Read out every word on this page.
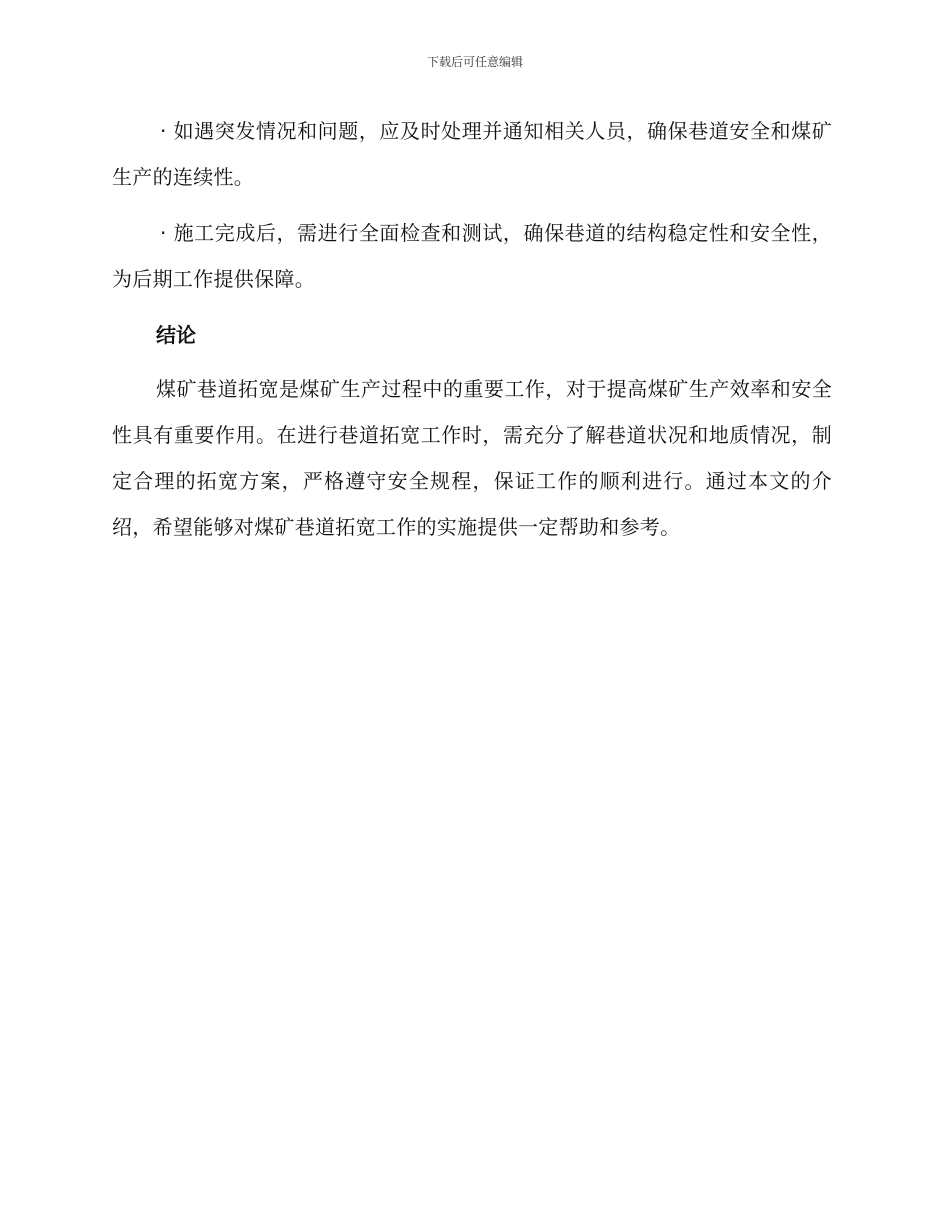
下载后可任意编辑

· 如遇突发情况和问题，应及时处理并通知相关人员，确保巷道安全和煤矿生产的连续性。

· 施工完成后，需进行全面检查和测试，确保巷道的结构稳定性和安全性，为后期工作提供保障。

结论

煤矿巷道拓宽是煤矿生产过程中的重要工作，对于提高煤矿生产效率和安全性具有重要作用。在进行巷道拓宽工作时，需充分了解巷道状况和地质情况，制定合理的拓宽方案，严格遵守安全规程，保证工作的顺利进行。通过本文的介绍，希望能够对煤矿巷道拓宽工作的实施提供一定帮助和参考。
